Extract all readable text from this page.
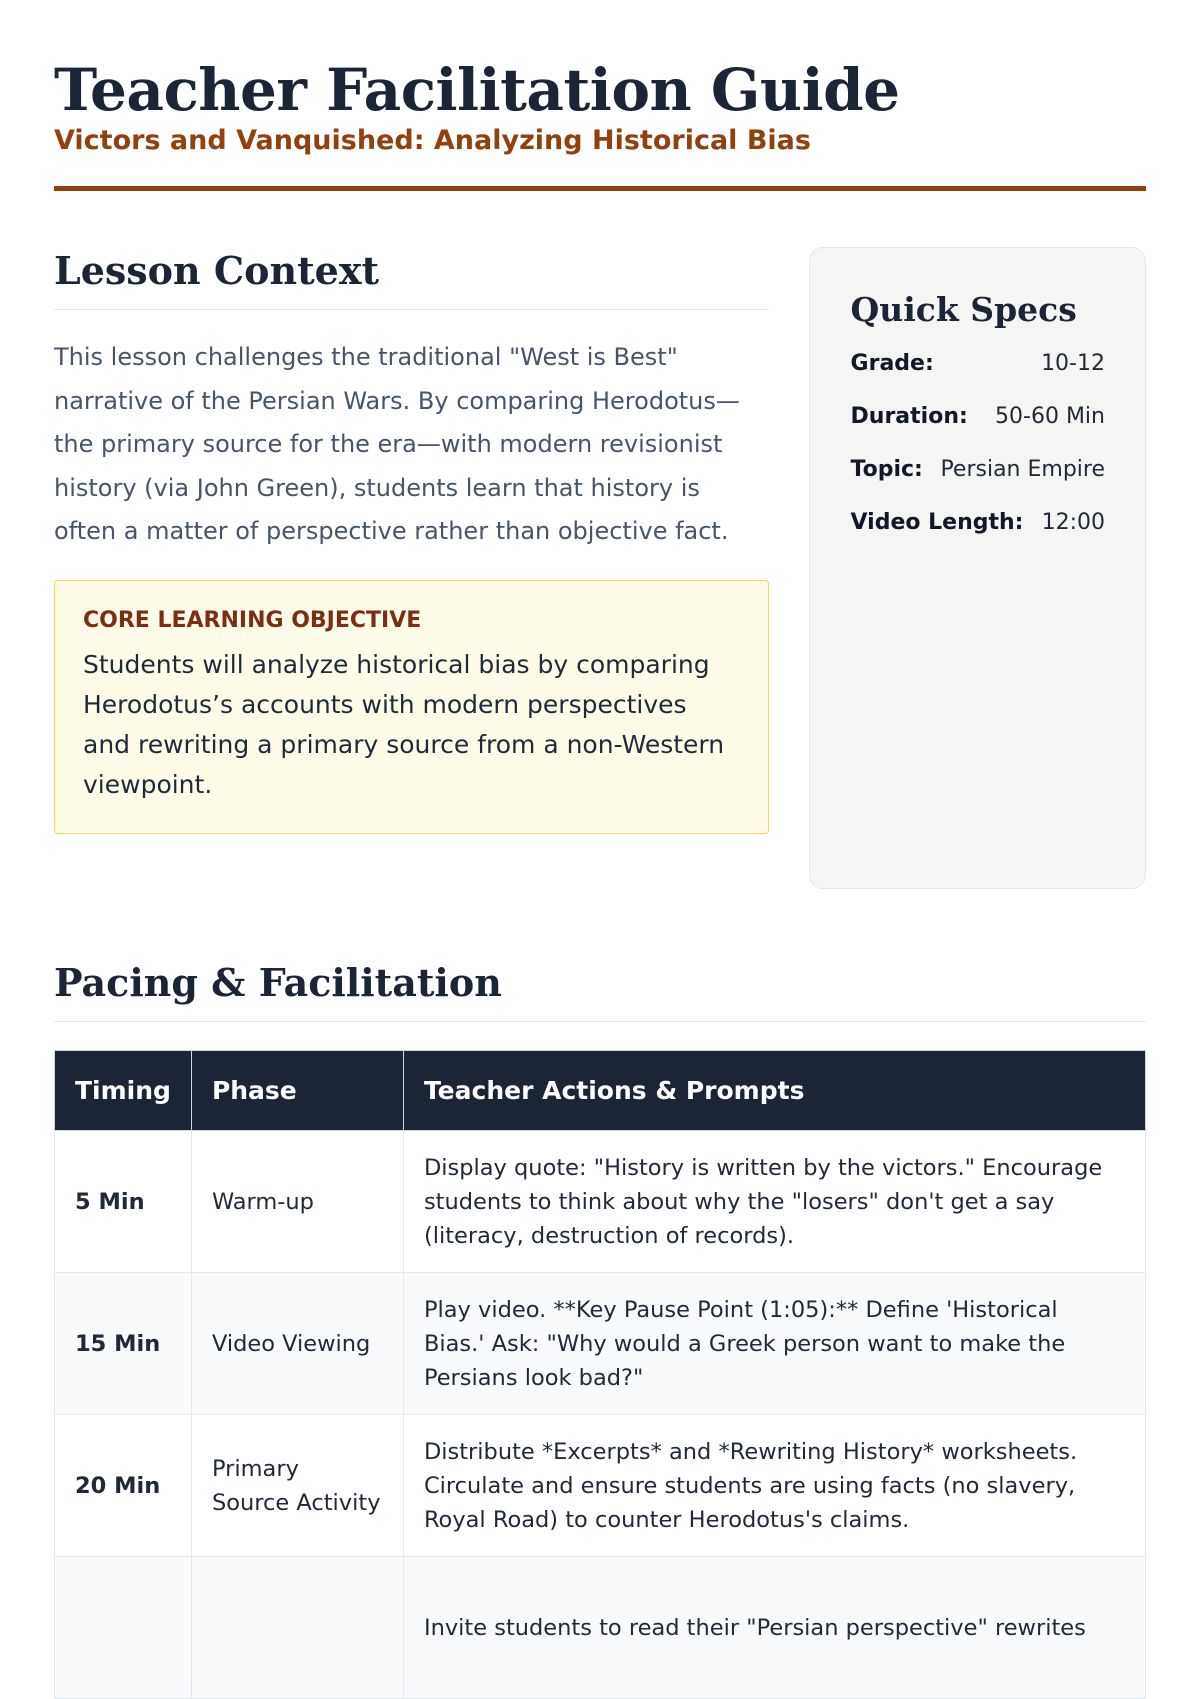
Teacher Facilitation Guide

Victors and Vanquished: Analyzing Historical Bias

Lesson Context

This lesson challenges the traditional "West is Best" narrative of the Persian Wars. By comparing Herodotus—the primary source for the era—with modern revisionist history (via John Green), students learn that history is often a matter of perspective rather than objective fact.

CORE LEARNING OBJECTIVE

Students will analyze historical bias by comparing Herodotus’s accounts with modern perspectives and rewriting a primary source from a non-Western viewpoint.

Quick Specs
Grade:	10-12
Duration: 50-60 Min
Topic: Persian Empire
Video Length: 12:00
Pacing & Facilitation
Timing	Phase	Teacher Actions & Prompts
5 Min	Warm-up	Display quote: "History is written by the victors." Encourage students to think about why the "losers" don't get a say (literacy, destruction of records).
15 Min	Video Viewing	Play video. **Key Pause Point (1:05):** Define 'Historical Bias.' Ask: "Why would a Greek person want to make the Persians look bad?"
20 Min	Primary Source Activity	Distribute *Excerpts* and *Rewriting History* worksheets. Circulate and ensure students are using facts (no slavery, Royal Road) to counter Herodotus's claims.
		Invite students to read their "Persian perspective" rewrites
